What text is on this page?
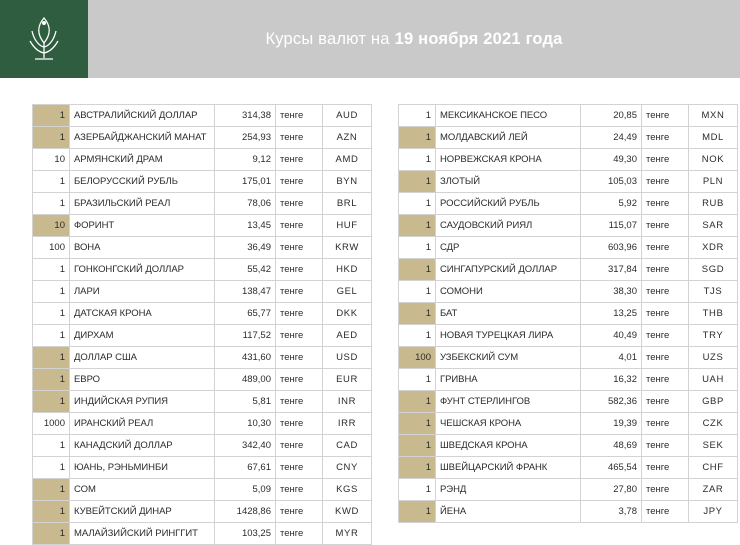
Курсы валют на 19 ноября 2021 года
1	АВСТРАЛИЙСКИЙ ДОЛЛАР	314,38	тенге	AUD
1	АЗЕРБАЙДЖАНСКИЙ МАНАТ	254,93	тенге	AZN
10	АРМЯНСКИЙ ДРАМ	9,12	тенге	AMD
1	БЕЛОРУССКИЙ РУБЛЬ	175,01	тенге	BYN
1	БРАЗИЛЬСКИЙ РЕАЛ	78,06	тенге	BRL
10	ФОРИНТ	13,45	тенге	HUF
100	ВОНА	36,49	тенге	KRW
1	ГОНКОНГСКИЙ ДОЛЛАР	55,42	тенге	HKD
1	ЛАРИ	138,47	тенге	GEL
1	ДАТСКАЯ КРОНА	65,77	тенге	DKK
1	ДИРХАМ	117,52	тенге	AED
1	ДОЛЛАР США	431,60	тенге	USD
1	ЕВРО	489,00	тенге	EUR
1	ИНДИЙСКАЯ РУПИЯ	5,81	тенге	INR
1000	ИРАНСКИЙ РЕАЛ	10,30	тенге	IRR
1	КАНАДСКИЙ ДОЛЛАР	342,40	тенге	CAD
1	ЮАНЬ, РЭНЬМИНБИ	67,61	тенге	CNY
1	СОМ	5,09	тенге	KGS
1	КУВЕЙТСКИЙ ДИНАР	1428,86	тенге	KWD
1	МАЛАЙЗИЙСКИЙ РИНГГИТ	103,25	тенге	MYR
1	МЕКСИКАНСКОЕ ПЕСО	20,85	тенге	MXN
1	МОЛДАВСКИЙ ЛЕЙ	24,49	тенге	MDL
1	НОРВЕЖСКАЯ КРОНА	49,30	тенге	NOK
1	ЗЛОТЫЙ	105,03	тенге	PLN
1	РОССИЙСКИЙ РУБЛЬ	5,92	тенге	RUB
1	САУДОВСКИЙ РИЯЛ	115,07	тенге	SAR
1	СДР	603,96	тенге	XDR
1	СИНГАПУРСКИЙ ДОЛЛАР	317,84	тенге	SGD
1	СОМОНИ	38,30	тенге	TJS
1	БАТ	13,25	тенге	THB
1	НОВАЯ ТУРЕЦКАЯ ЛИРА	40,49	тенге	TRY
100	УЗБЕКСКИЙ СУМ	4,01	тенге	UZS
1	ГРИВНА	16,32	тенге	UAH
1	ФУНТ СТЕРЛИНГОВ	582,36	тенге	GBP
1	ЧЕШСКАЯ КРОНА	19,39	тенге	CZK
1	ШВЕДСКАЯ КРОНА	48,69	тенге	SEK
1	ШВЕЙЦАРСКИЙ ФРАНК	465,54	тенге	CHF
1	РЭНД	27,80	тенге	ZAR
1	ЙЕНА	3,78	тенге	JPY
